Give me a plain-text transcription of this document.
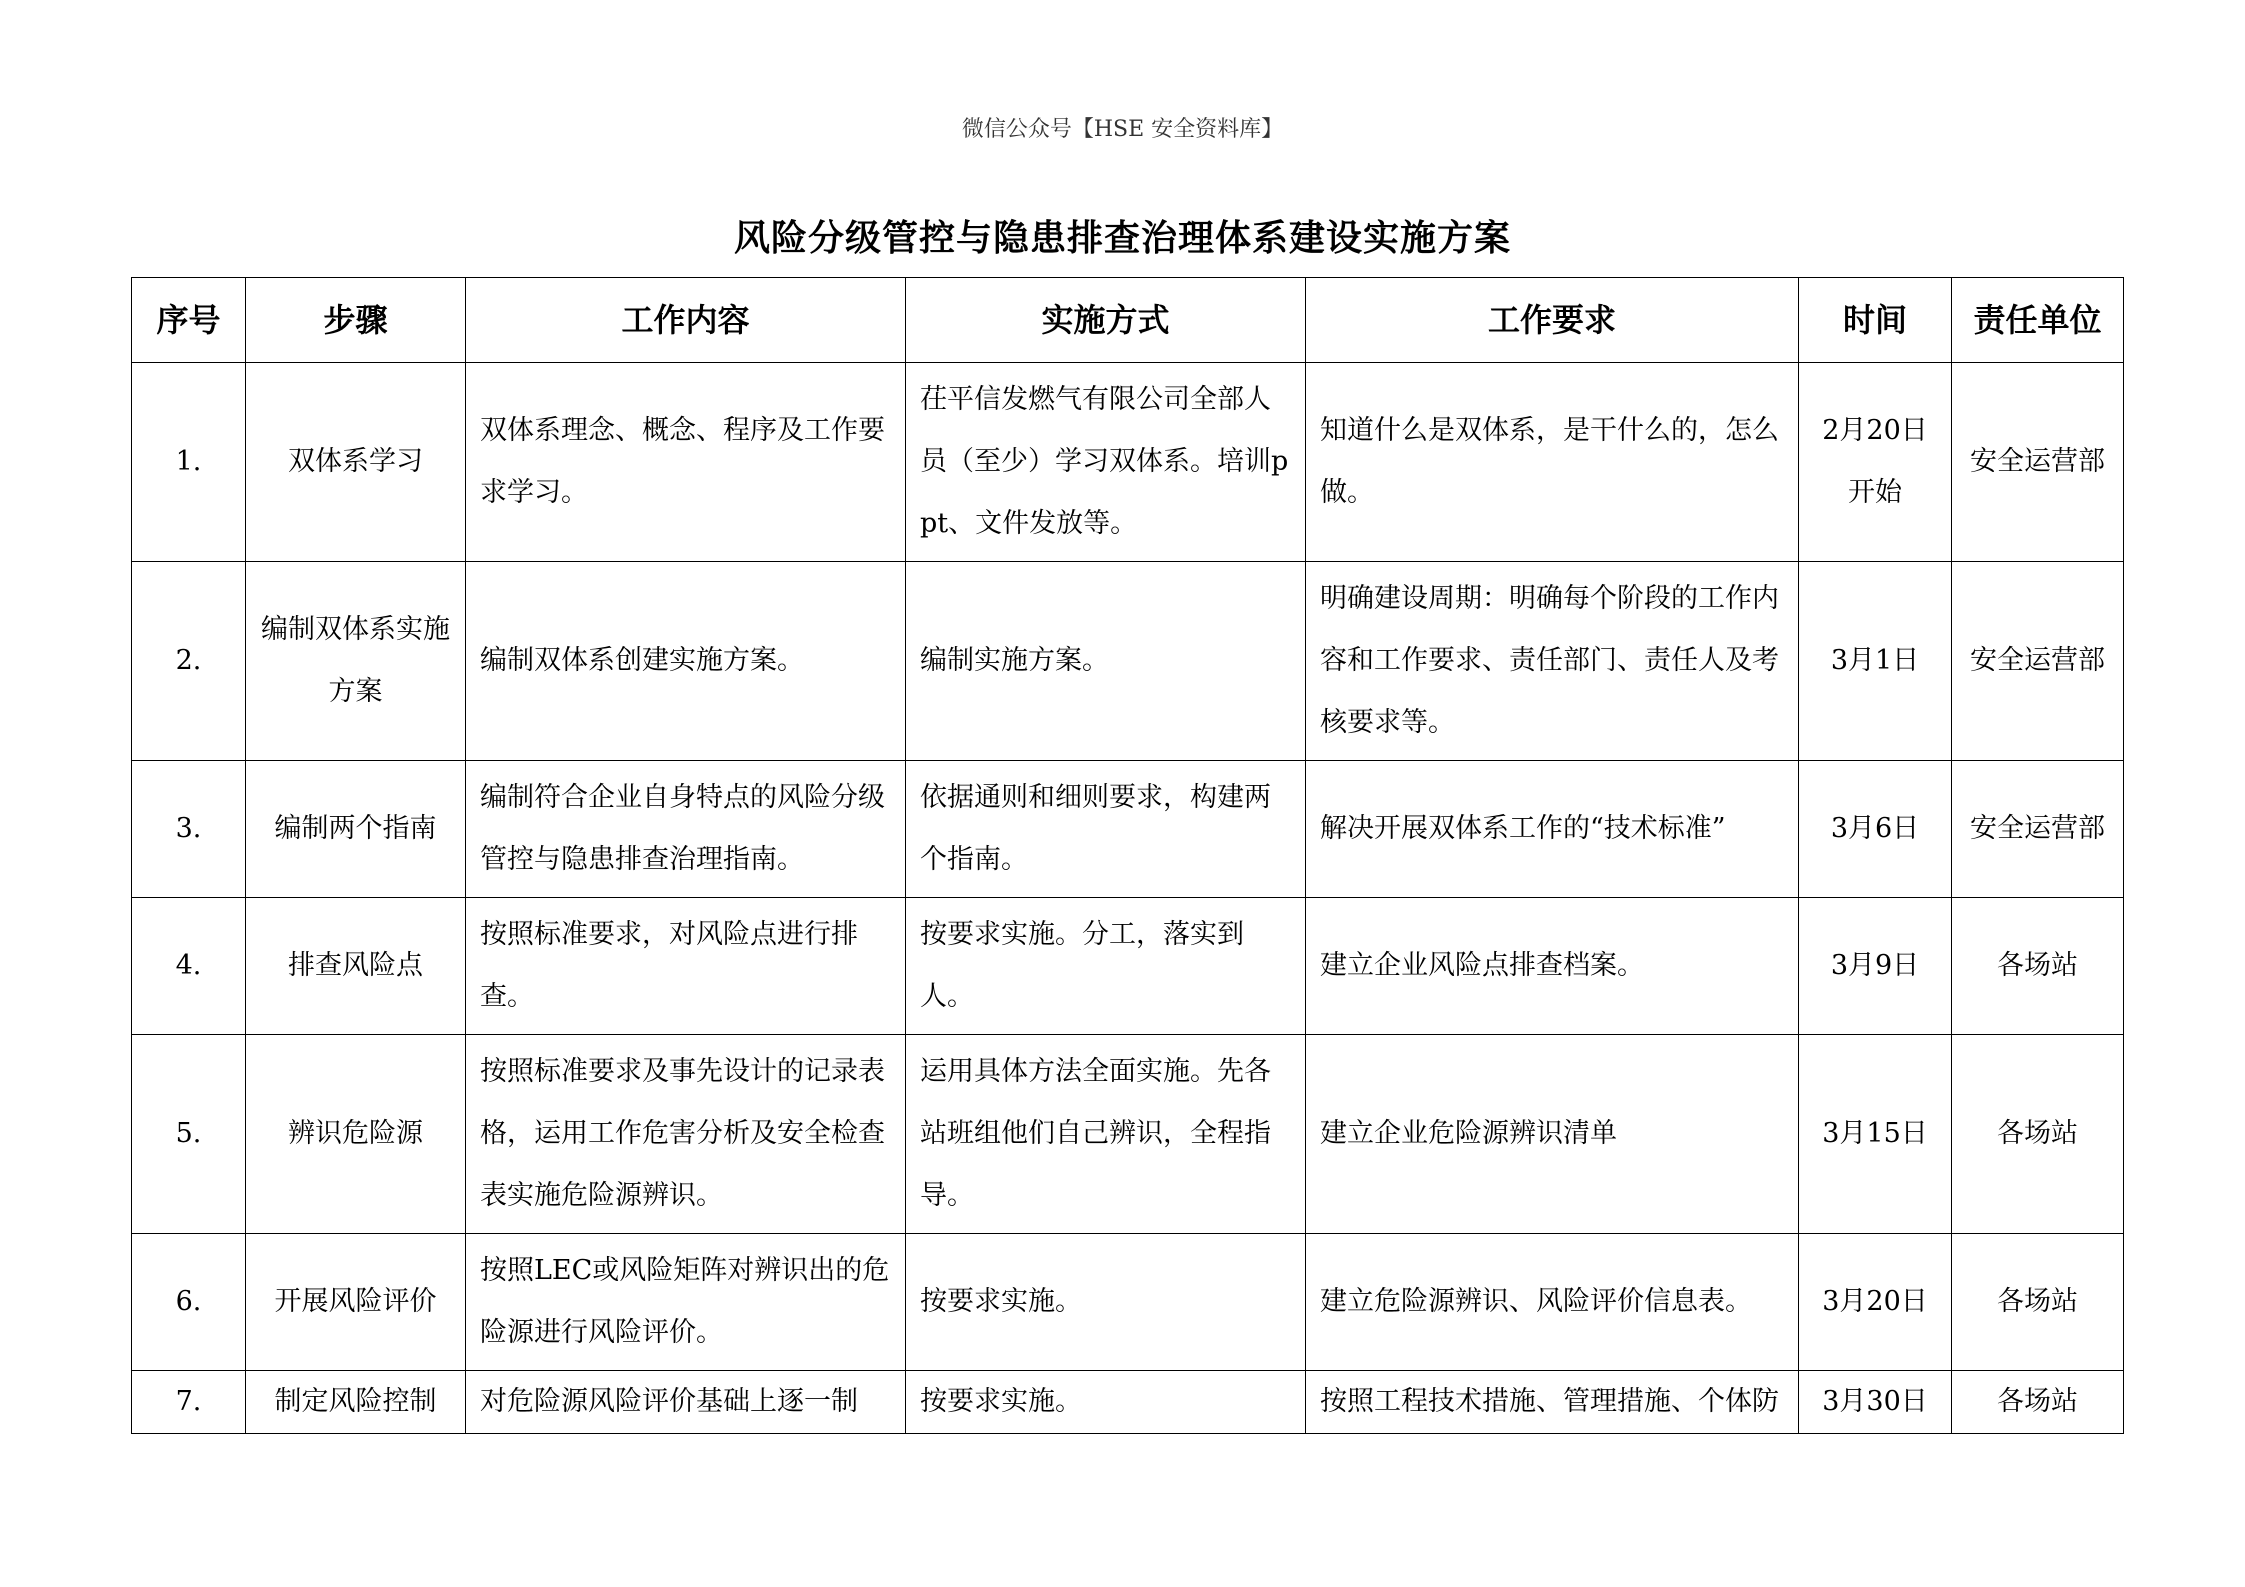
微信公众号【HSE 安全资料库】
风险分级管控与隐患排查治理体系建设实施方案
序号	步骤	工作内容	实施方式	工作要求	时间	责任单位
1.	双体系学习	双体系理念、概念、程序及工作要求学习。	茌平信发燃气有限公司全部人员（至少）学习双体系。培训ppt、文件发放等。	知道什么是双体系，是干什么的，怎么做。	2月20日开始	安全运营部
2.	编制双体系实施方案	编制双体系创建实施方案。	编制实施方案。	明确建设周期：明确每个阶段的工作内容和工作要求、责任部门、责任人及考核要求等。	3月1日	安全运营部
3.	编制两个指南	编制符合企业自身特点的风险分级管控与隐患排查治理指南。	依据通则和细则要求，构建两个指南。	解决开展双体系工作的“技术标准”	3月6日	安全运营部
4.	排查风险点	按照标准要求，对风险点进行排查。	按要求实施。分工，落实到人。	建立企业风险点排查档案。	3月9日	各场站
5.	辨识危险源	按照标准要求及事先设计的记录表格，运用工作危害分析及安全检查表实施危险源辨识。	运用具体方法全面实施。先各站班组他们自己辨识，全程指导。	建立企业危险源辨识清单	3月15日	各场站
6.	开展风险评价	按照LEC或风险矩阵对辨识出的危险源进行风险评价。	按要求实施。	建立危险源辨识、风险评价信息表。	3月20日	各场站
7.	制定风险控制	对危险源风险评价基础上逐一制	按要求实施。	按照工程技术措施、管理措施、个体防	3月30日	各场站
